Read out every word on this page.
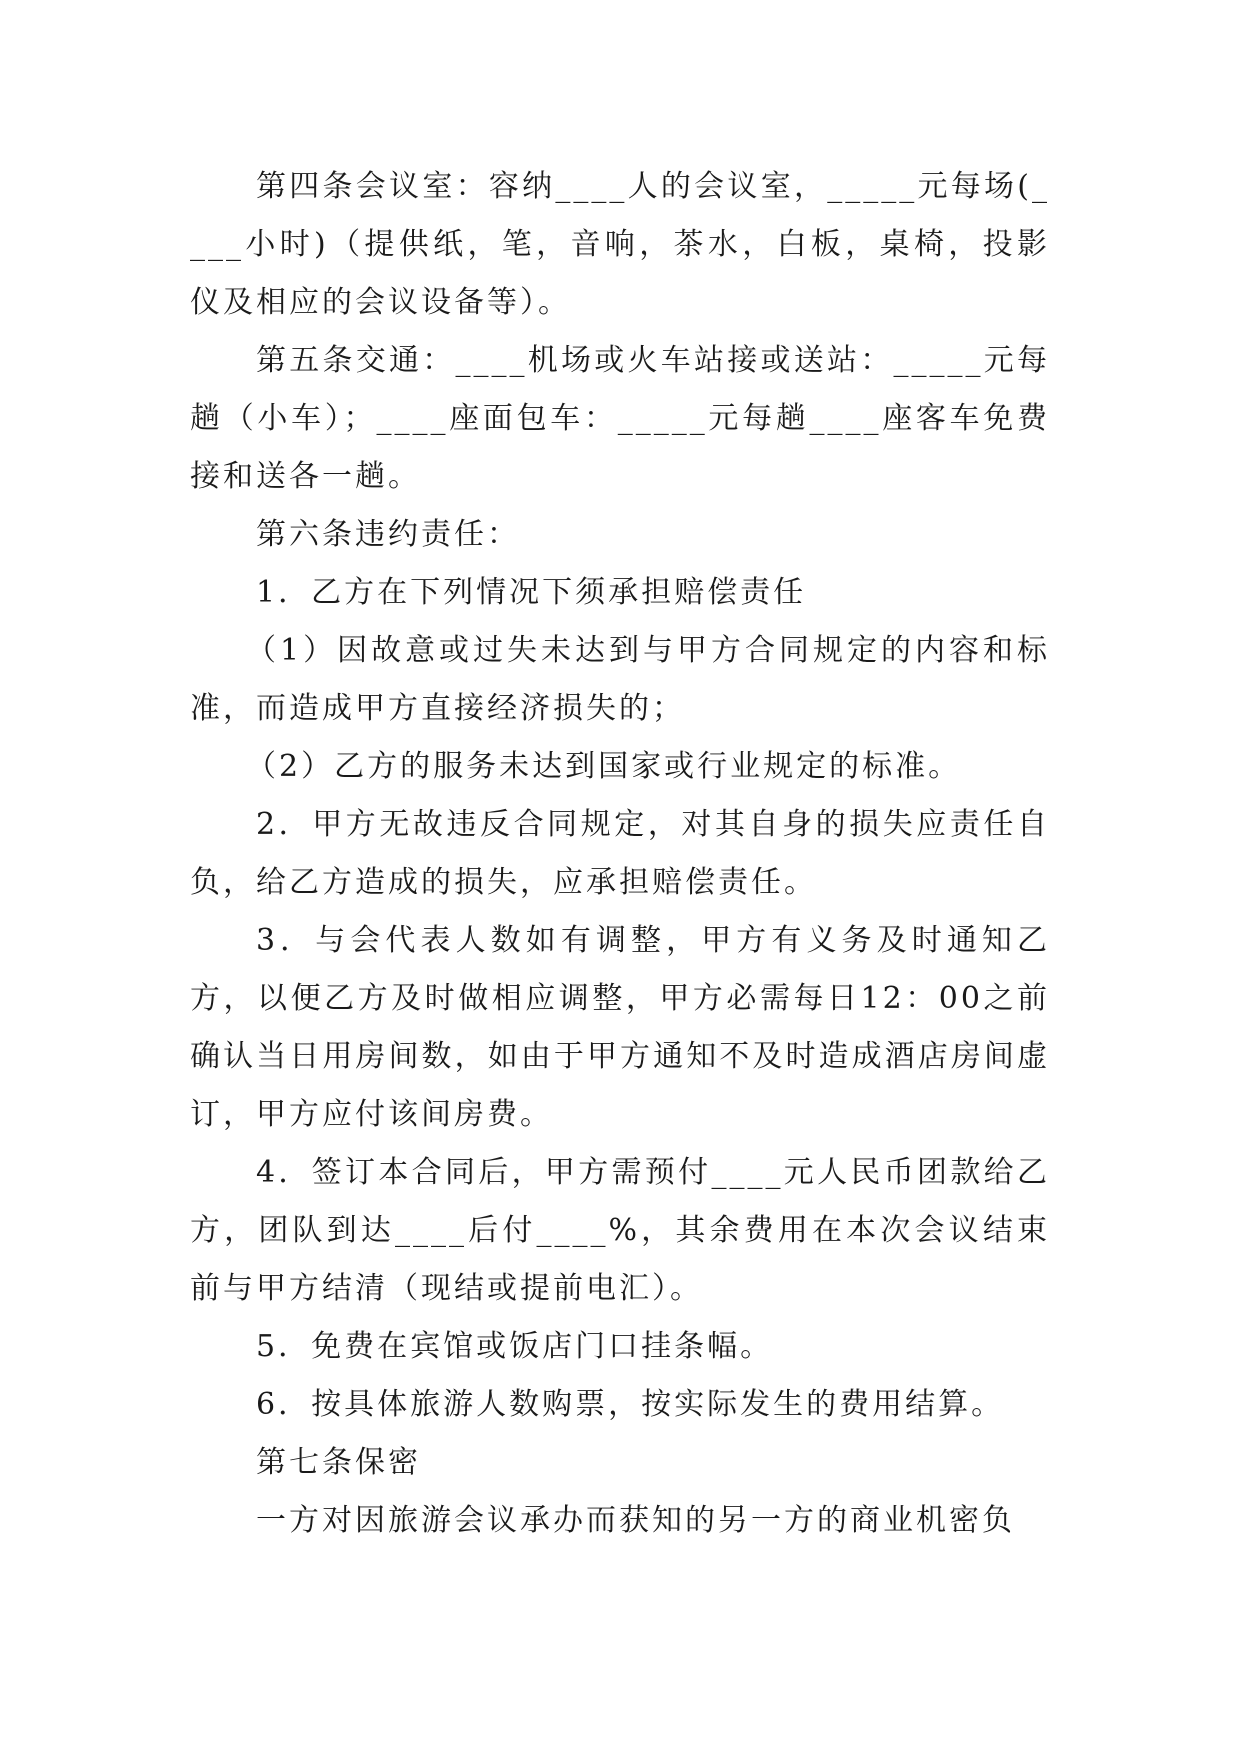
第四条会议室：容纳____人的会议室，_____元每场(____小时)（提供纸，笔，音响，茶水，白板，桌椅，投影仪及相应的会议设备等）。

第五条交通：____机场或火车站接或送站：_____元每趟（小车）；____座面包车：_____元每趟____座客车免费接和送各一趟。

第六条违约责任：

1．乙方在下列情况下须承担赔偿责任

（1）因故意或过失未达到与甲方合同规定的内容和标准，而造成甲方直接经济损失的；

（2）乙方的服务未达到国家或行业规定的标准。

2．甲方无故违反合同规定，对其自身的损失应责任自负，给乙方造成的损失，应承担赔偿责任。

3．与会代表人数如有调整，甲方有义务及时通知乙方，以便乙方及时做相应调整，甲方必需每日12：00之前确认当日用房间数，如由于甲方通知不及时造成酒店房间虚订，甲方应付该间房费。

4．签订本合同后，甲方需预付____元人民币团款给乙方，团队到达____后付____%，其余费用在本次会议结束前与甲方结清（现结或提前电汇）。

5．免费在宾馆或饭店门口挂条幅。

6．按具体旅游人数购票，按实际发生的费用结算。

第七条保密

一方对因旅游会议承办而获知的另一方的商业机密负
